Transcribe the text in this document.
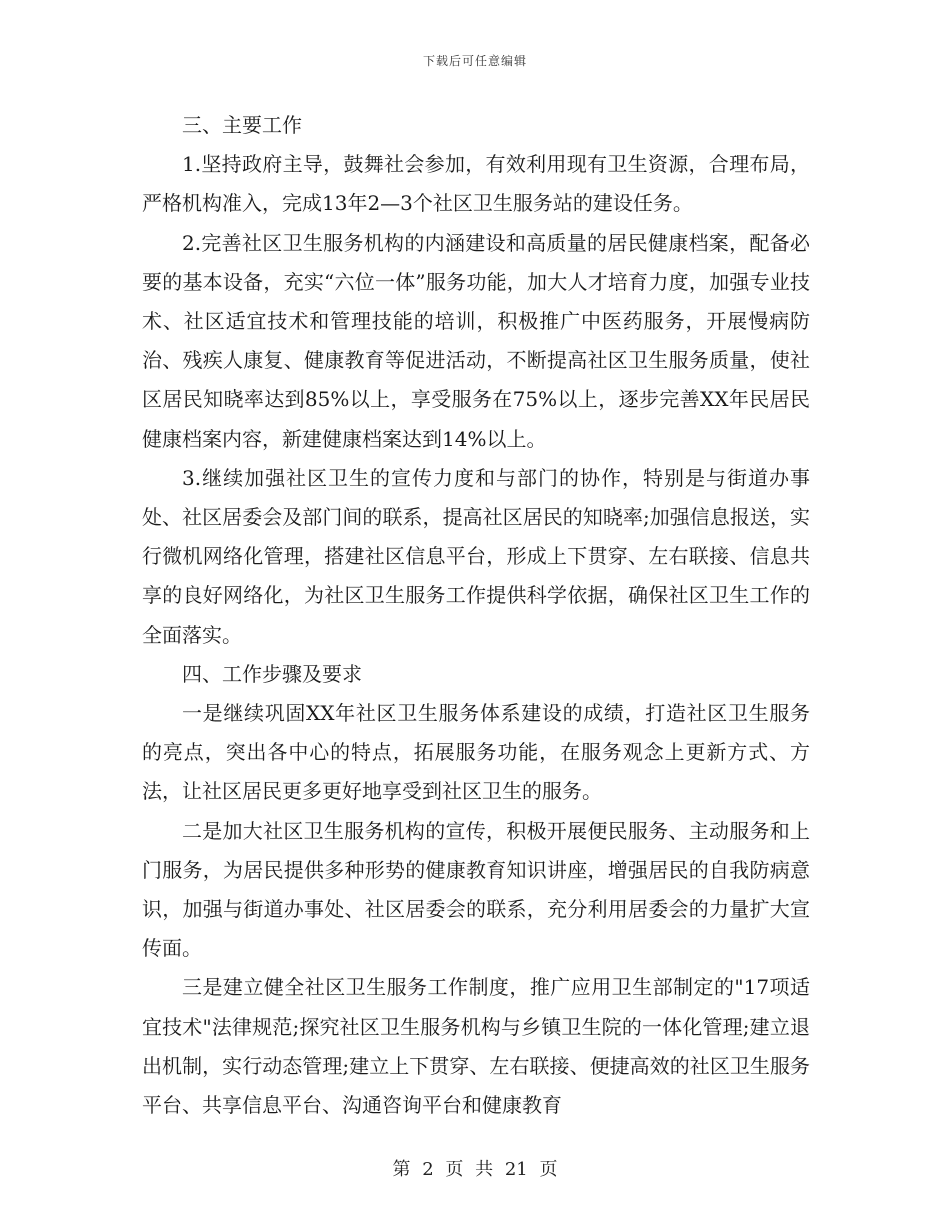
下载后可任意编辑

三、主要工作

1.坚持政府主导，鼓舞社会参加，有效利用现有卫生资源，合理布局，严格机构准入，完成13年2—3个社区卫生服务站的建设任务。

2.完善社区卫生服务机构的内涵建设和高质量的居民健康档案，配备必要的基本设备，充实“六位一体”服务功能，加大人才培育力度，加强专业技术、社区适宜技术和管理技能的培训，积极推广中医药服务，开展慢病防治、残疾人康复、健康教育等促进活动，不断提高社区卫生服务质量，使社区居民知晓率达到85%以上，享受服务在75%以上，逐步完善XX年民居民健康档案内容，新建健康档案达到14%以上。

3.继续加强社区卫生的宣传力度和与部门的协作，特别是与街道办事处、社区居委会及部门间的联系，提高社区居民的知晓率;加强信息报送，实行微机网络化管理，搭建社区信息平台，形成上下贯穿、左右联接、信息共享的良好网络化，为社区卫生服务工作提供科学依据，确保社区卫生工作的全面落实。

四、工作步骤及要求

一是继续巩固XX年社区卫生服务体系建设的成绩，打造社区卫生服务的亮点，突出各中心的特点，拓展服务功能，在服务观念上更新方式、方法，让社区居民更多更好地享受到社区卫生的服务。

二是加大社区卫生服务机构的宣传，积极开展便民服务、主动服务和上门服务，为居民提供多种形势的健康教育知识讲座，增强居民的自我防病意识，加强与街道办事处、社区居委会的联系，充分利用居委会的力量扩大宣传面。

三是建立健全社区卫生服务工作制度，推广应用卫生部制定的"17项适宜技术"法律规范;探究社区卫生服务机构与乡镇卫生院的一体化管理;建立退出机制，实行动态管理;建立上下贯穿、左右联接、便捷高效的社区卫生服务平台、共享信息平台、沟通咨询平台和健康教育

第 2 页 共 21 页
